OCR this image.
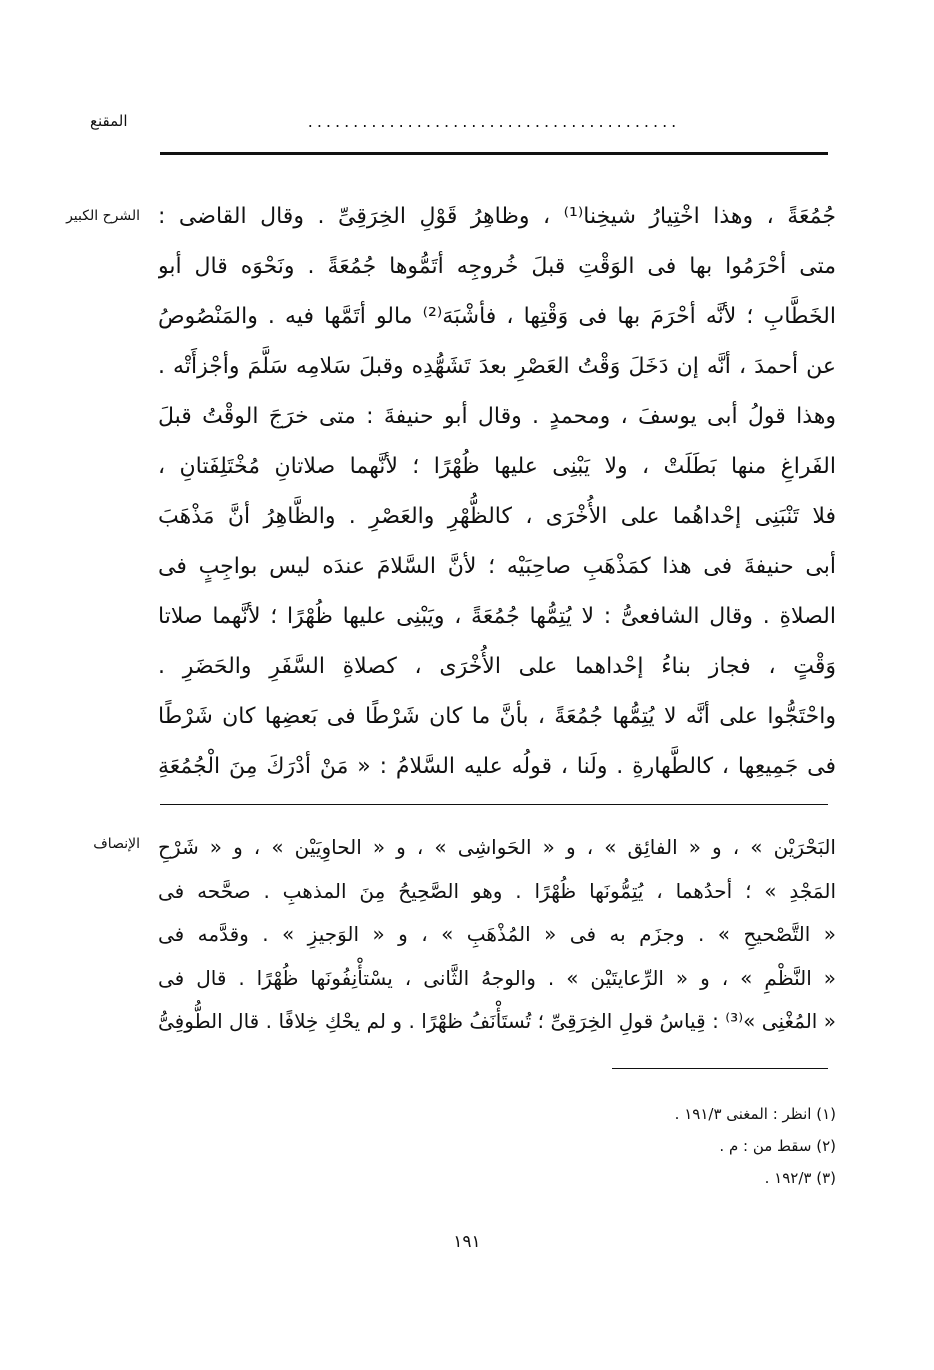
المقنع	.........................................
الشرح الكبير جُمُعَةً ، وهذا اخْتِيارُ شيخِنا⁽¹⁾ ، وظاهِرُ قَوْلِ الخِرَقِىِّ . وقال القاضى :
متى أحْرَمُوا بها فى الوَقْتِ قبلَ خُروجِه أتَمُّوها جُمُعَةً . ونَحْوَه قال أبو
الخَطَّابِ ؛ لأنَّه أحْرَمَ بها فى وَقْتِها ، فأشْبَهَ⁽²⁾ مالو أتَمَّها فيه . والمَنْصُوصُ
عن أحمدَ ، أنَّه إن دَخَلَ وَقْتُ العَصْرِ بعدَ تَشَهُّدِه وقبلَ سَلامِه سَلَّمَ وأجْزأَتْه .
وهذا قولُ أبى يوسفَ ، ومحمدٍ . وقال أبو حنيفةَ : متى خرَجَ الوقْتُ قبلَ
الفَراغِ منها بَطَلَتْ ، ولا يَبْنِى عليها ظُهْرًا ؛ لأنَّهما صلاتانِ مُخْتَلِفَتانِ ،
فلا تَنْبَنِى إحْداهُما على الأُخْرَى ، كالظُّهْرِ والعَصْرِ . والظَّاهِرُ أنَّ مَذْهَبَ
أبى حنيفةَ فى هذا كمَذْهَبِ صاحِبَيْه ؛ لأنَّ السَّلامَ عندَه ليس بواجِبٍ فى
الصلاةِ . وقال الشافعىُّ : لا يُتِمُّها جُمُعَةً ، ويَبْنِى عليها ظُهْرًا ؛ لأنَّهما صلاتا
وَقْتٍ ، فجاز بناءُ إحْداهما على الأُخْرَى ، كصلاةِ السَّفَرِ والحَضَرِ .
واحْتَجُّوا على أنَّه لا يُتِمُّها جُمُعَةً ، بأنَّ ما كان شَرْطًا فى بَعضِها كان شَرْطًا
فى جَمِيعِها ، كالطَّهارةِ . ولَنا ، قولُه عليه السَّلامُ : « مَنْ أدْرَكَ مِنَ الْجُمُعَةِ
الإنصاف البَحْرَيْن » ، و « الفائِق » ، و « الحَواشِى » ، و « الحاوِيَيْن » ، و « شَرْحِ
المَجْدِ » ؛ أحدُهما ، يُتِمُّونَها ظُهْرًا . وهو الصَّحِيحُ مِنَ المذهبِ . صحَّحه فى
« التَّصْحيحِ » . وجزَم به فى « المُذْهَبِ » ، و « الوَجيزِ » . وقدَّمه فى
« النَّظْمِ » ، و « الرِّعايتَيْن » . والوجهُ الثَّانى ، يسْتأْنِفُونَها ظُهْرًا . قال فى
« المُغْنِى »⁽³⁾ : قِياسُ قولِ الخِرَقِىِّ ؛ تُستَأْنَفُ ظهْرًا . و لم يحْكِ خِلافًا . قال الطُّوفِىُّ
(١) انظر : المغنى ١٩١/٣ .
(٢) سقط من : م .
(٣) ١٩٢/٣ .
١٩١
